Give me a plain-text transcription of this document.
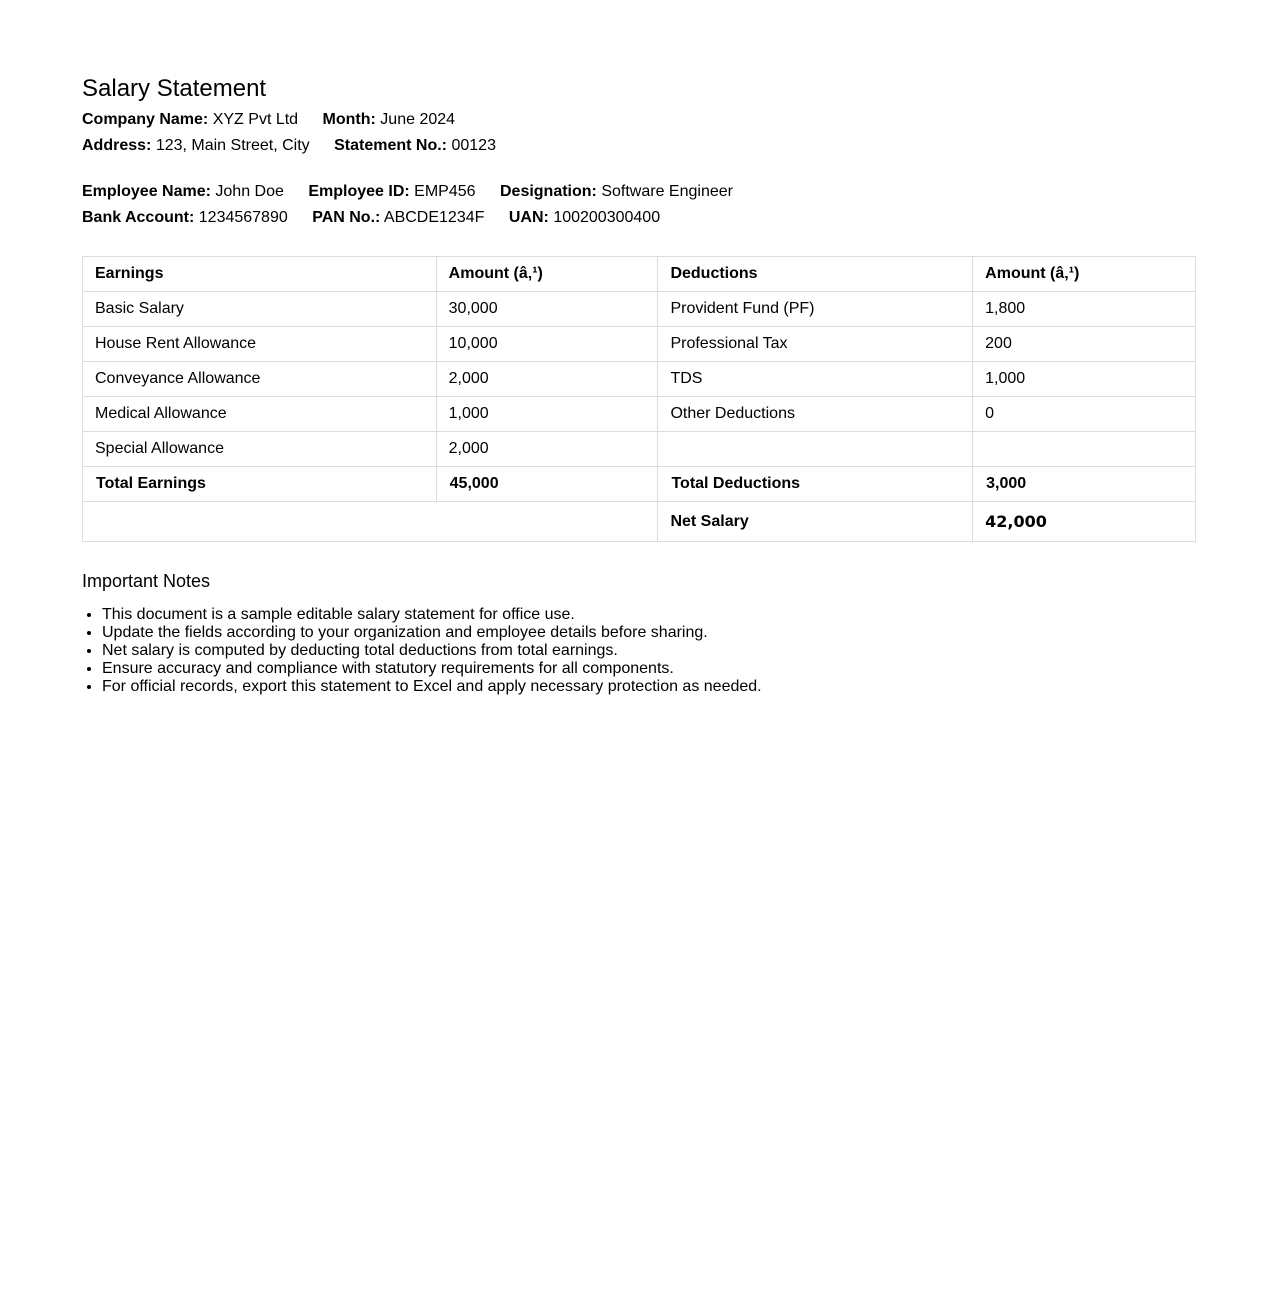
Salary Statement
Company Name: XYZ Pvt Ltd Month: June 2024
Address: 123, Main Street, City Statement No.: 00123
Employee Name: John Doe Employee ID: EMP456 Designation: Software Engineer
Bank Account: 1234567890 PAN No.: ABCDE1234F UAN: 100200300400
Earnings	Amount (â‚¹)	Deductions	Amount (â‚¹)
Basic Salary	30,000	Provident Fund (PF)	1,800
House Rent Allowance	10,000	Professional Tax	200
Conveyance Allowance	2,000	TDS	1,000
Medical Allowance	1,000	Other Deductions	0
Special Allowance	2,000		
Total Earnings	45,000	Total Deductions	3,000
		Net Salary	42,000
Important Notes
• This document is a sample editable salary statement for office use.
• Update the fields according to your organization and employee details before sharing.
• Net salary is computed by deducting total deductions from total earnings.
• Ensure accuracy and compliance with statutory requirements for all components.
• For official records, export this statement to Excel and apply necessary protection as needed.
